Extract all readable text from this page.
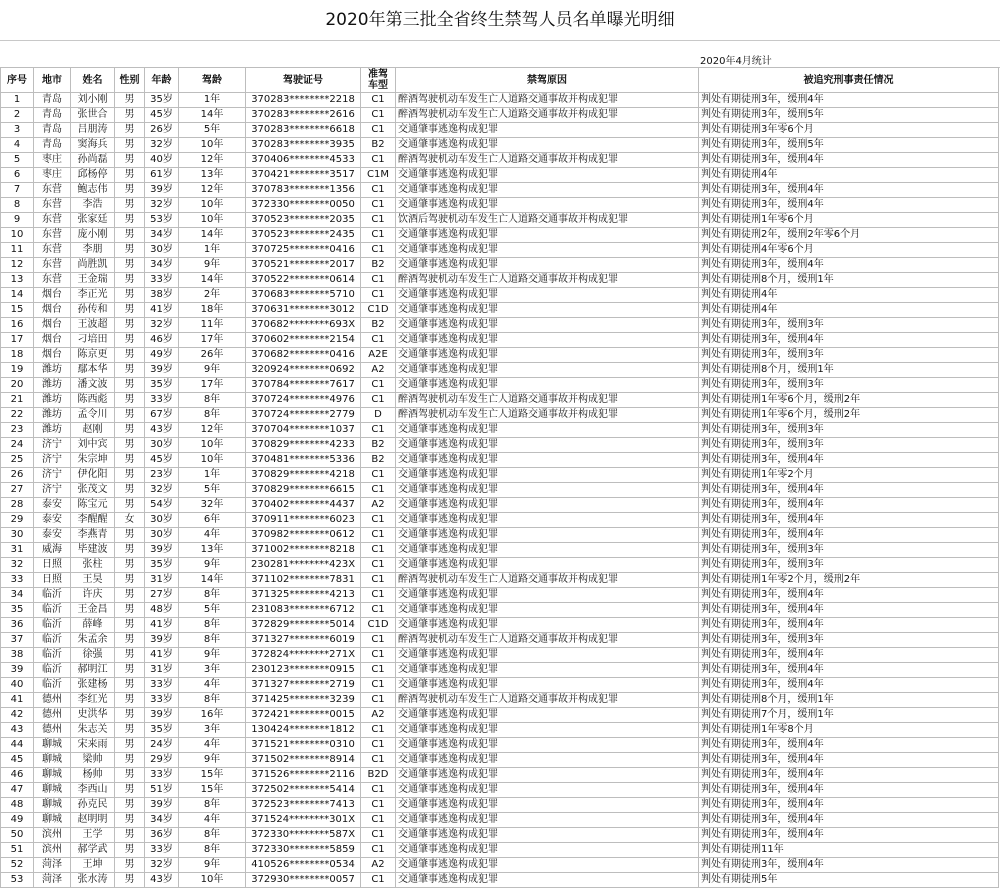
2020年第三批全省终生禁驾人员名单曝光明细
2020年4月统计
序号	地市	姓名	性别	年龄	驾龄	驾驶证号	准驾
车型	禁驾原因	被追究刑事责任情况
1	青岛	刘小刚	男	35岁	1年	370283********2218	C1	醉酒驾驶机动车发生亡人道路交通事故并构成犯罪	判处有期徒刑3年，缓刑4年
2	青岛	张世合	男	45岁	14年	370283********2616	C1	醉酒驾驶机动车发生亡人道路交通事故并构成犯罪	判处有期徒刑3年，缓刑5年
3	青岛	吕朋涛	男	26岁	5年	370283********6618	C1	交通肇事逃逸构成犯罪	判处有期徒刑3年零6个月
4	青岛	窦海兵	男	32岁	10年	370283********3935	B2	交通肇事逃逸构成犯罪	判处有期徒刑3年，缓刑5年
5	枣庄	孙尚磊	男	40岁	12年	370406********4533	C1	醉酒驾驶机动车发生亡人道路交通事故并构成犯罪	判处有期徒刑3年，缓刑4年
6	枣庄	邱杨停	男	61岁	13年	370421********3517	C1M	交通肇事逃逸构成犯罪	判处有期徒刑4年
7	东营	鲍志伟	男	39岁	12年	370783********1356	C1	交通肇事逃逸构成犯罪	判处有期徒刑3年，缓刑4年
8	东营	李浩	男	32岁	10年	372330********0050	C1	交通肇事逃逸构成犯罪	判处有期徒刑3年，缓刑4年
9	东营	张家廷	男	53岁	10年	370523********2035	C1	饮酒后驾驶机动车发生亡人道路交通事故并构成犯罪	判处有期徒刑1年零6个月
10	东营	庞小刚	男	34岁	14年	370523********2435	C1	交通肇事逃逸构成犯罪	判处有期徒刑2年，缓刑2年零6个月
11	东营	李朋	男	30岁	1年	370725********0416	C1	交通肇事逃逸构成犯罪	判处有期徒刑4年零6个月
12	东营	尚胜凯	男	34岁	9年	370521********2017	B2	交通肇事逃逸构成犯罪	判处有期徒刑3年，缓刑4年
13	东营	王金瑞	男	33岁	14年	370522********0614	C1	醉酒驾驶机动车发生亡人道路交通事故并构成犯罪	判处有期徒刑8个月，缓刑1年
14	烟台	李正光	男	38岁	2年	370683********5710	C1	交通肇事逃逸构成犯罪	判处有期徒刑4年
15	烟台	孙传和	男	41岁	18年	370631********3012	C1D	交通肇事逃逸构成犯罪	判处有期徒刑4年
16	烟台	王波超	男	32岁	11年	370682********693X	B2	交通肇事逃逸构成犯罪	判处有期徒刑3年，缓刑3年
17	烟台	刁培田	男	46岁	17年	370602********2154	C1	交通肇事逃逸构成犯罪	判处有期徒刑3年，缓刑4年
18	烟台	陈京更	男	49岁	26年	370682********0416	A2E	交通肇事逃逸构成犯罪	判处有期徒刑3年，缓刑3年
19	潍坊	鄢本华	男	39岁	9年	320924********0692	A2	交通肇事逃逸构成犯罪	判处有期徒刑8个月，缓刑1年
20	潍坊	潘文波	男	35岁	17年	370784********7617	C1	交通肇事逃逸构成犯罪	判处有期徒刑3年，缓刑3年
21	潍坊	陈西彪	男	33岁	8年	370724********4976	C1	醉酒驾驶机动车发生亡人道路交通事故并构成犯罪	判处有期徒刑1年零6个月，缓刑2年
22	潍坊	孟令川	男	67岁	8年	370724********2779	D	醉酒驾驶机动车发生亡人道路交通事故并构成犯罪	判处有期徒刑1年零6个月，缓刑2年
23	潍坊	赵刚	男	43岁	12年	370704********1037	C1	交通肇事逃逸构成犯罪	判处有期徒刑3年，缓刑3年
24	济宁	刘中宾	男	30岁	10年	370829********4233	B2	交通肇事逃逸构成犯罪	判处有期徒刑3年，缓刑3年
25	济宁	朱宗坤	男	45岁	10年	370481********5336	B2	交通肇事逃逸构成犯罪	判处有期徒刑3年，缓刑4年
26	济宁	伊化阳	男	23岁	1年	370829********4218	C1	交通肇事逃逸构成犯罪	判处有期徒刑1年零2个月
27	济宁	张茂文	男	32岁	5年	370829********6615	C1	交通肇事逃逸构成犯罪	判处有期徒刑3年，缓刑4年
28	泰安	陈宝元	男	54岁	32年	370402********4437	A2	交通肇事逃逸构成犯罪	判处有期徒刑3年，缓刑4年
29	泰安	李醒醒	女	30岁	6年	370911********6023	C1	交通肇事逃逸构成犯罪	判处有期徒刑3年，缓刑4年
30	泰安	李燕青	男	30岁	4年	370982********0612	C1	交通肇事逃逸构成犯罪	判处有期徒刑3年，缓刑4年
31	威海	毕建波	男	39岁	13年	371002********8218	C1	交通肇事逃逸构成犯罪	判处有期徒刑3年，缓刑3年
32	日照	张柱	男	35岁	9年	230281********423X	C1	交通肇事逃逸构成犯罪	判处有期徒刑3年，缓刑3年
33	日照	王昊	男	31岁	14年	371102********7831	C1	醉酒驾驶机动车发生亡人道路交通事故并构成犯罪	判处有期徒刑1年零2个月，缓刑2年
34	临沂	许庆	男	27岁	8年	371325********4213	C1	交通肇事逃逸构成犯罪	判处有期徒刑3年，缓刑4年
35	临沂	王金昌	男	48岁	5年	231083********6712	C1	交通肇事逃逸构成犯罪	判处有期徒刑3年，缓刑4年
36	临沂	薛峰	男	41岁	8年	372829********5014	C1D	交通肇事逃逸构成犯罪	判处有期徒刑3年，缓刑4年
37	临沂	朱孟余	男	39岁	8年	371327********6019	C1	醉酒驾驶机动车发生亡人道路交通事故并构成犯罪	判处有期徒刑3年，缓刑3年
38	临沂	徐强	男	41岁	9年	372824********271X	C1	交通肇事逃逸构成犯罪	判处有期徒刑3年，缓刑4年
39	临沂	郝明江	男	31岁	3年	230123********0915	C1	交通肇事逃逸构成犯罪	判处有期徒刑3年，缓刑4年
40	临沂	张建杨	男	33岁	4年	371327********2719	C1	交通肇事逃逸构成犯罪	判处有期徒刑3年，缓刑4年
41	德州	李红光	男	33岁	8年	371425********3239	C1	醉酒驾驶机动车发生亡人道路交通事故并构成犯罪	判处有期徒刑8个月，缓刑1年
42	德州	史洪华	男	39岁	16年	372421********0015	A2	交通肇事逃逸构成犯罪	判处有期徒刑7个月，缓刑1年
43	德州	朱志关	男	35岁	3年	130424********1812	C1	交通肇事逃逸构成犯罪	判处有期徒刑1年零8个月
44	聊城	宋来雨	男	24岁	4年	371521********0310	C1	交通肇事逃逸构成犯罪	判处有期徒刑3年，缓刑4年
45	聊城	梁帅	男	29岁	9年	371502********8914	C1	交通肇事逃逸构成犯罪	判处有期徒刑3年，缓刑4年
46	聊城	杨帅	男	33岁	15年	371526********2116	B2D	交通肇事逃逸构成犯罪	判处有期徒刑3年，缓刑4年
47	聊城	李西山	男	51岁	15年	372502********5414	C1	交通肇事逃逸构成犯罪	判处有期徒刑3年，缓刑4年
48	聊城	孙克民	男	39岁	8年	372523********7413	C1	交通肇事逃逸构成犯罪	判处有期徒刑3年，缓刑4年
49	聊城	赵明明	男	34岁	4年	371524********301X	C1	交通肇事逃逸构成犯罪	判处有期徒刑3年，缓刑4年
50	滨州	王学	男	36岁	8年	372330********587X	C1	交通肇事逃逸构成犯罪	判处有期徒刑3年，缓刑4年
51	滨州	郝学武	男	33岁	8年	372330********5859	C1	交通肇事逃逸构成犯罪	判处有期徒刑11年
52	菏泽	王坤	男	32岁	9年	410526********0534	A2	交通肇事逃逸构成犯罪	判处有期徒刑3年，缓刑4年
53	菏泽	张水涛	男	43岁	10年	372930********0057	C1	交通肇事逃逸构成犯罪	判处有期徒刑5年
